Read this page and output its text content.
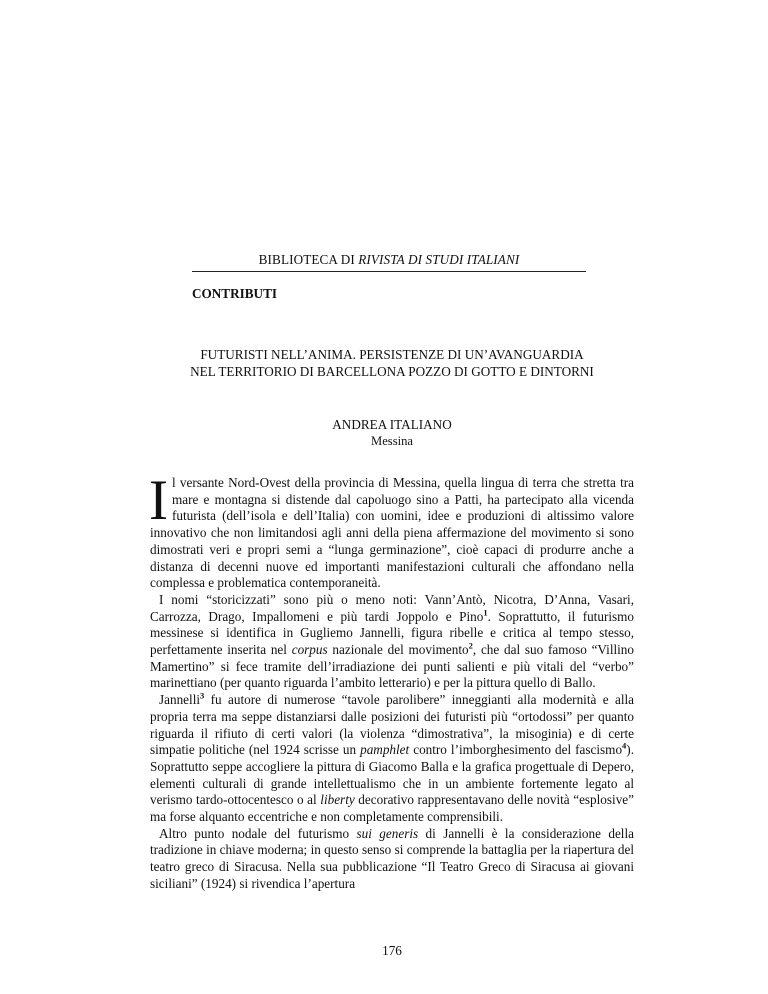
BIBLIOTECA DI RIVISTA DI STUDI ITALIANI
CONTRIBUTI
FUTURISTI NELL’ANIMA. PERSISTENZE DI UN’AVANGUARDIA
NEL TERRITORIO DI BARCELLONA POZZO DI GOTTO E DINTORNI
ANDREA ITALIANO
Messina

Il versante Nord-Ovest della provincia di Messina, quella lingua di terra che stretta tra mare e montagna si distende dal capoluogo sino a Patti, ha partecipato alla vicenda futurista (dell’isola e dell’Italia) con uomini, idee e produzioni di altissimo valore innovativo che non limitandosi agli anni della piena affermazione del movimento si sono dimostrati veri e propri semi a “lunga germinazione”, cioè capaci di produrre anche a distanza di decenni nuove ed importanti manifestazioni culturali che affondano nella complessa e problematica contemporaneità.

I nomi “storicizzati” sono più o meno noti: Vann’Antò, Nicotra, D’Anna, Vasari, Carrozza, Drago, Impallomeni e più tardi Joppolo e Pino$^1$. Soprattutto, il futurismo messinese si identifica in Gugliemo Jannelli, figura ribelle e critica al tempo stesso, perfettamente inserita nel corpus nazionale del movimento$^2$, che dal suo famoso “Villino Mamertino” si fece tramite dell’irradiazione dei punti salienti e più vitali del “verbo” marinettiano (per quanto riguarda l’ambito letterario) e per la pittura quello di Ballo.

Jannelli$^3$ fu autore di numerose “tavole parolibere” inneggianti alla modernità e alla propria terra ma seppe distanziarsi dalle posizioni dei futuristi più “ortodossi” per quanto riguarda il rifiuto di certi valori (la violenza “dimostrativa”, la misoginia) e di certe simpatie politiche (nel 1924 scrisse un pamphlet contro l’imborghesimento del fascismo$^4$). Soprattutto seppe accogliere la pittura di Giacomo Balla e la grafica progettuale di Depero, elementi culturali di grande intellettualismo che in un ambiente fortemente legato al verismo tardo-ottocentesco o al liberty decorativo rappresentavano delle novità “esplosive” ma forse alquanto eccentriche e non completamente comprensibili.

Altro punto nodale del futurismo sui generis di Jannelli è la considerazione della tradizione in chiave moderna; in questo senso si comprende la battaglia per la riapertura del teatro greco di Siracusa. Nella sua pubblicazione “Il Teatro Greco di Siracusa ai giovani siciliani” (1924) si rivendica l’apertura

176
